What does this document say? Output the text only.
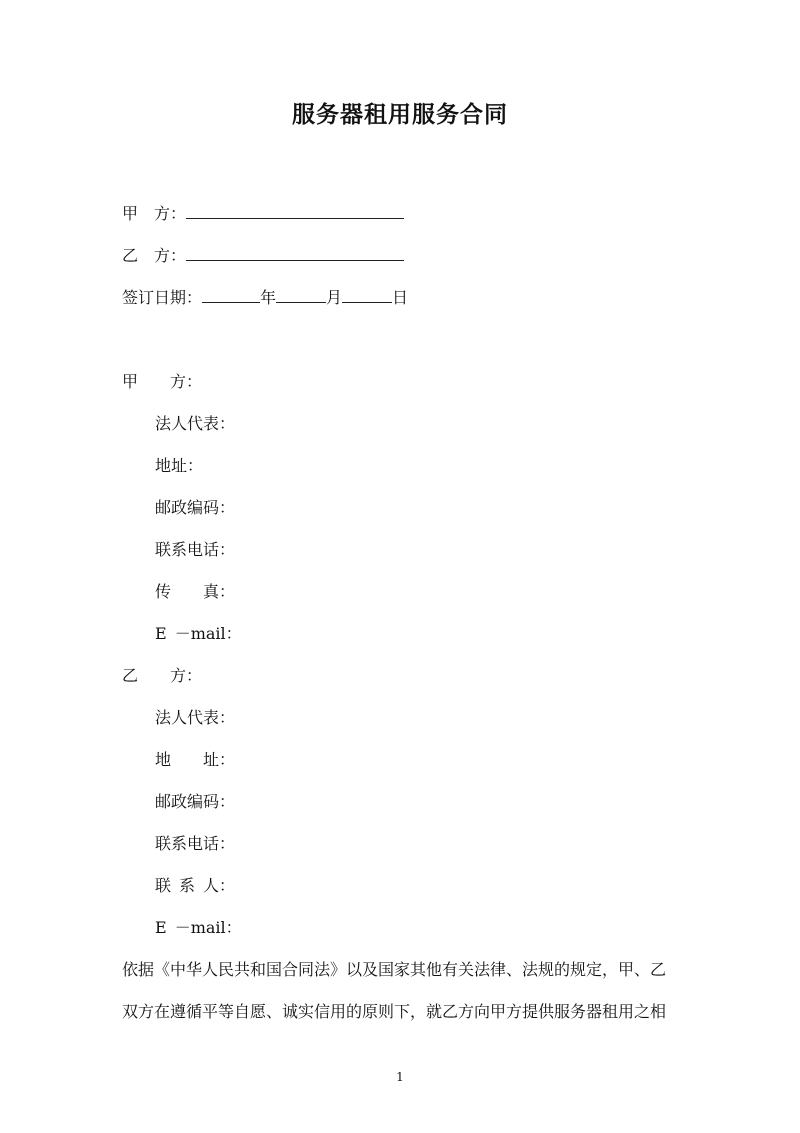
服务器租用服务合同
甲 方：
乙 方：
签订日期：	年	月	日
甲 方：
法人代表：
地址：
邮政编码：
联系电话：
传 真：
E －mail：
乙 方：
法人代表：
地 址：
邮政编码：
联系电话：
联 系 人：
E －mail：
依据《中华人民共和国合同法》以及国家其他有关法律、法规的规定，甲、乙
双方在遵循平等自愿、诚实信用的原则下，就乙方向甲方提供服务器租用之相
1
